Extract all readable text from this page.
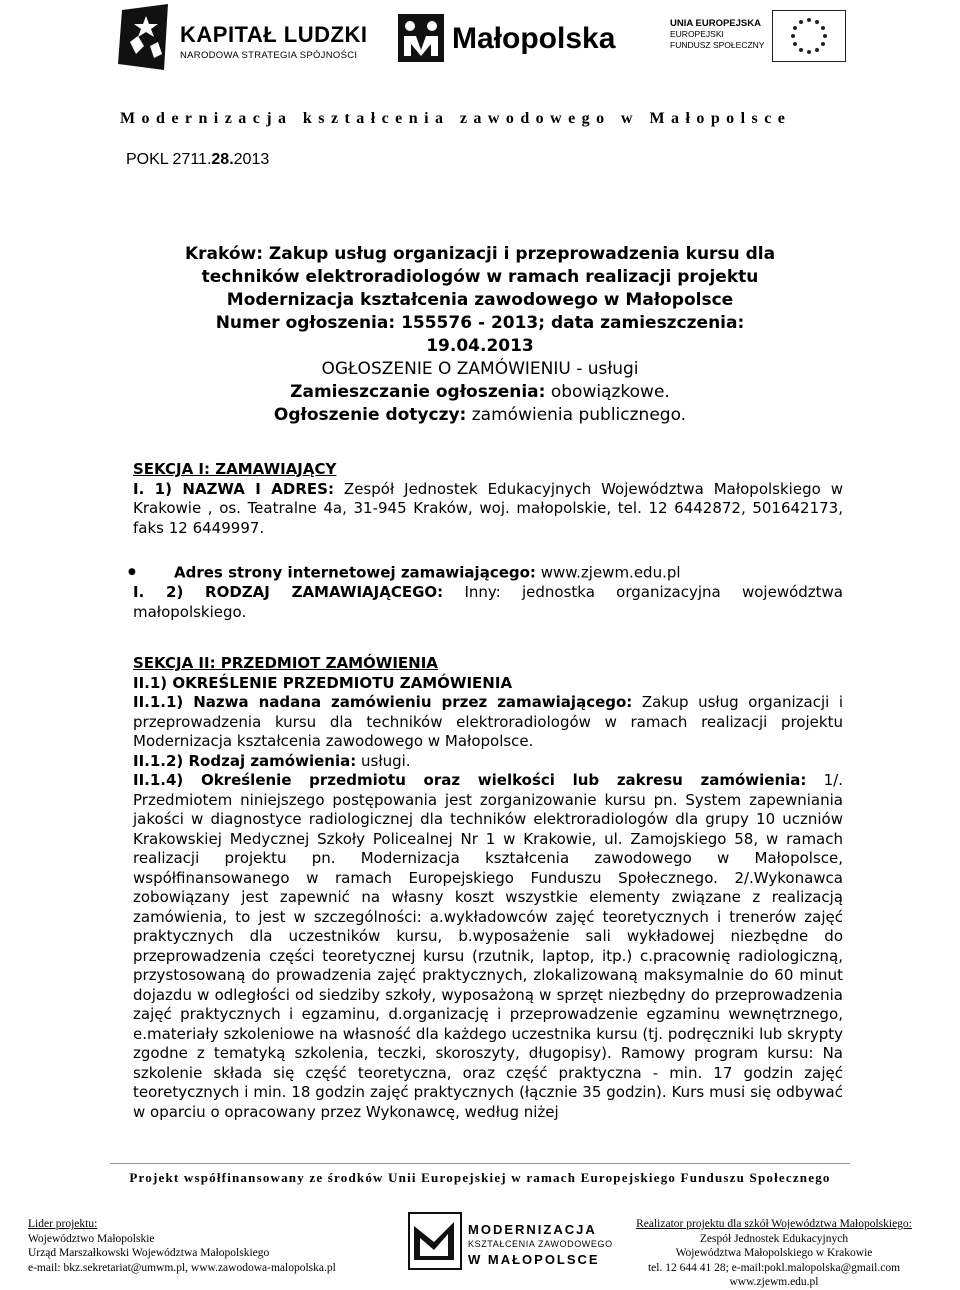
KAPITAŁ LUDZKI
NARODOWA STRATEGIA SPÓJNOŚCI
Małopolska	UNIA EUROPEJSKA
EUROPEJSKI
FUNDUSZ SPOŁECZNY
Modernizacja kształcenia zawodowego w Małopolsce
POKL 2711.28.2013
Kraków: Zakup usług organizacji i przeprowadzenia kursu dla
techników elektroradiologów w ramach realizacji projektu
Modernizacja kształcenia zawodowego w Małopolsce
Numer ogłoszenia: 155576 - 2013; data zamieszczenia:
19.04.2013
OGŁOSZENIE O ZAMÓWIENIU - usługi
Zamieszczanie ogłoszenia: obowiązkowe.
Ogłoszenie dotyczy: zamówienia publicznego.
SEKCJA I: ZAMAWIAJĄCY
I. 1) NAZWA I ADRES: Zespół Jednostek Edukacyjnych Województwa Małopolskiego w Krakowie , os. Teatralne 4a, 31-945 Kraków, woj. małopolskie, tel. 12 6442872, 501642173, faks 12 6449997.
●	Adres strony internetowej zamawiającego: www.zjewm.edu.pl
I. 2) RODZAJ ZAMAWIAJĄCEGO: Inny: jednostka organizacyjna województwa małopolskiego.
SEKCJA II: PRZEDMIOT ZAMÓWIENIA
II.1) OKREŚLENIE PRZEDMIOTU ZAMÓWIENIA
II.1.1) Nazwa nadana zamówieniu przez zamawiającego: Zakup usług organizacji i przeprowadzenia kursu dla techników elektroradiologów w ramach realizacji projektu Modernizacja kształcenia zawodowego w Małopolsce.
II.1.2) Rodzaj zamówienia: usługi.
II.1.4) Określenie przedmiotu oraz wielkości lub zakresu zamówienia: 1/. Przedmiotem niniejszego postępowania jest zorganizowanie kursu pn. System zapewniania jakości w diagnostyce radiologicznej dla techników elektroradiologów dla grupy 10 uczniów Krakowskiej Medycznej Szkoły Policealnej Nr 1 w Krakowie, ul. Zamojskiego 58, w ramach realizacji projektu pn. Modernizacja kształcenia zawodowego w Małopolsce, współfinansowanego w ramach Europejskiego Funduszu Społecznego. 2/.Wykonawca zobowiązany jest zapewnić na własny koszt wszystkie elementy związane z realizacją zamówienia, to jest w szczególności: a.wykładowców zajęć teoretycznych i trenerów zajęć praktycznych dla uczestników kursu, b.wyposażenie sali wykładowej niezbędne do przeprowadzenia części teoretycznej kursu (rzutnik, laptop, itp.) c.pracownię radiologiczną, przystosowaną do prowadzenia zajęć praktycznych, zlokalizowaną maksymalnie do 60 minut dojazdu w odległości od siedziby szkoły, wyposażoną w sprzęt niezbędny do przeprowadzenia zajęć praktycznych i egzaminu, d.organizację i przeprowadzenie egzaminu wewnętrznego, e.materiały szkoleniowe na własność dla każdego uczestnika kursu (tj. podręczniki lub skrypty zgodne z tematyką szkolenia, teczki, skoroszyty, długopisy). Ramowy program kursu: Na szkolenie składa się część teoretyczna, oraz część praktyczna - min. 17 godzin zajęć teoretycznych i min. 18 godzin zajęć praktycznych (łącznie 35 godzin). Kurs musi się odbywać w oparciu o opracowany przez Wykonawcę, według niżej
Projekt współfinansowany ze środków Unii Europejskiej w ramach Europejskiego Funduszu Społecznego
Lider projektu:
Województwo Małopolskie
Urząd Marszałkowski Województwa Małopolskiego
e-mail: bkz.sekretariat@umwm.pl, www.zawodowa-malopolska.pl
MODERNIZACJA
KSZTAŁCENIA ZAWODOWEGO
W MAŁOPOLSCE
Realizator projektu dla szkół Województwa Małopolskiego:
Zespół Jednostek Edukacyjnych
Województwa Małopolskiego w Krakowie
tel. 12 644 41 28; e-mail:pokl.malopolska@gmail.com
www.zjewm.edu.pl
